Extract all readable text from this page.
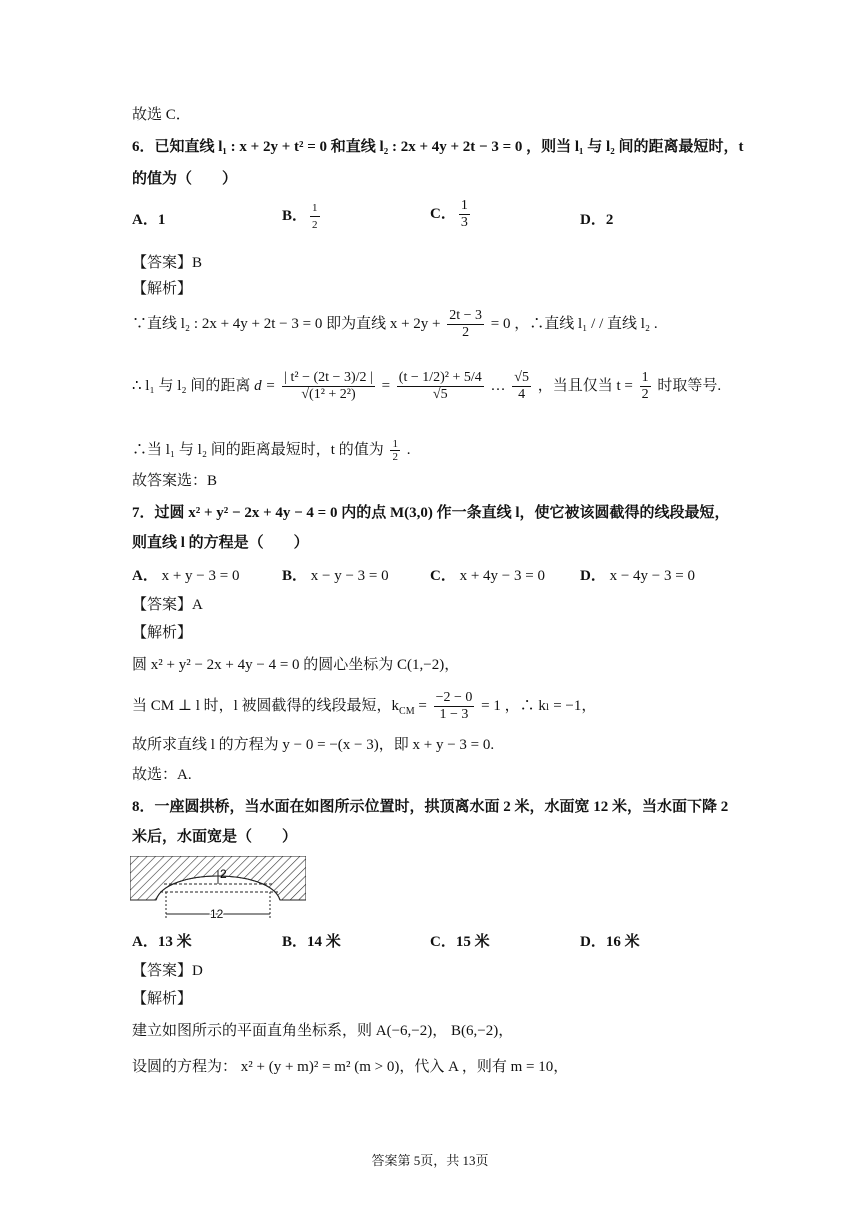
故选 C．
6．已知直线 l₁ : x + 2y + t² = 0 和直线 l₂ : 2x + 4y + 2t − 3 = 0 ，则当 l₁ 与 l₂ 间的距离最短时，t
的值为（　　）
A．1	B． $\frac{1}{2}$	C． $\frac{1}{3}$	D．2
【答案】B
【解析】
∵直线 l₂ : 2x + 4y + 2t − 3 = 0 即为直线 $x + 2y + \frac{2t - 3}{2} = 0$ ，∴直线 l₁ / / 直线 l₂ .
∴ l₁ 与 l₂ 间的距离 $d = \frac{\text{| t² − (2t − 3)/2 |}}{\text{√(1² + 2²)}} = \frac{\text{(t − 1/2)² + 5/4}}{√5}$ … $\frac{√5}{4}$ ，当且仅当 $t = \frac{1}{2}$ 时取等号.
∴当 l₁ 与 l₂ 间的距离最短时，t 的值为 $\frac{1}{2}$ .
故答案选：B
7．过圆 x² + y² − 2x + 4y − 4 = 0 内的点 M(3,0) 作一条直线 l，使它被该圆截得的线段最短，
则直线 l 的方程是（　　）
A． x + y − 3 = 0	B． x − y − 3 = 0	C． x + 4y − 3 = 0 D． x − 4y − 3 = 0
【答案】A
【解析】
圆 x² + y² − 2x + 4y − 4 = 0 的圆心坐标为 C(1,−2)，
当 CM ⊥ l 时，l 被圆截得的线段最短，$k_{CM} = \frac{-2 - 0}{1 - 3} = 1$ ，∴ kₗ = −1，
故所求直线 l 的方程为 y − 0 = −(x − 3)，即 x + y − 3 = 0.
故选：A.
8．一座圆拱桥，当水面在如图所示位置时，拱顶离水面 2 米，水面宽 12 米，当水面下降 2
米后，水面宽是（　　）
2
12
A．13 米	B．14 米	C．15 米	D．16 米
【答案】D
【解析】
建立如图所示的平面直角坐标系，则 A(−6,−2)， B(6,−2)，
设圆的方程为： x² + (y + m)² = m² (m > 0)，代入 A ，则有 m = 10，
答案第 5页，共 13页
